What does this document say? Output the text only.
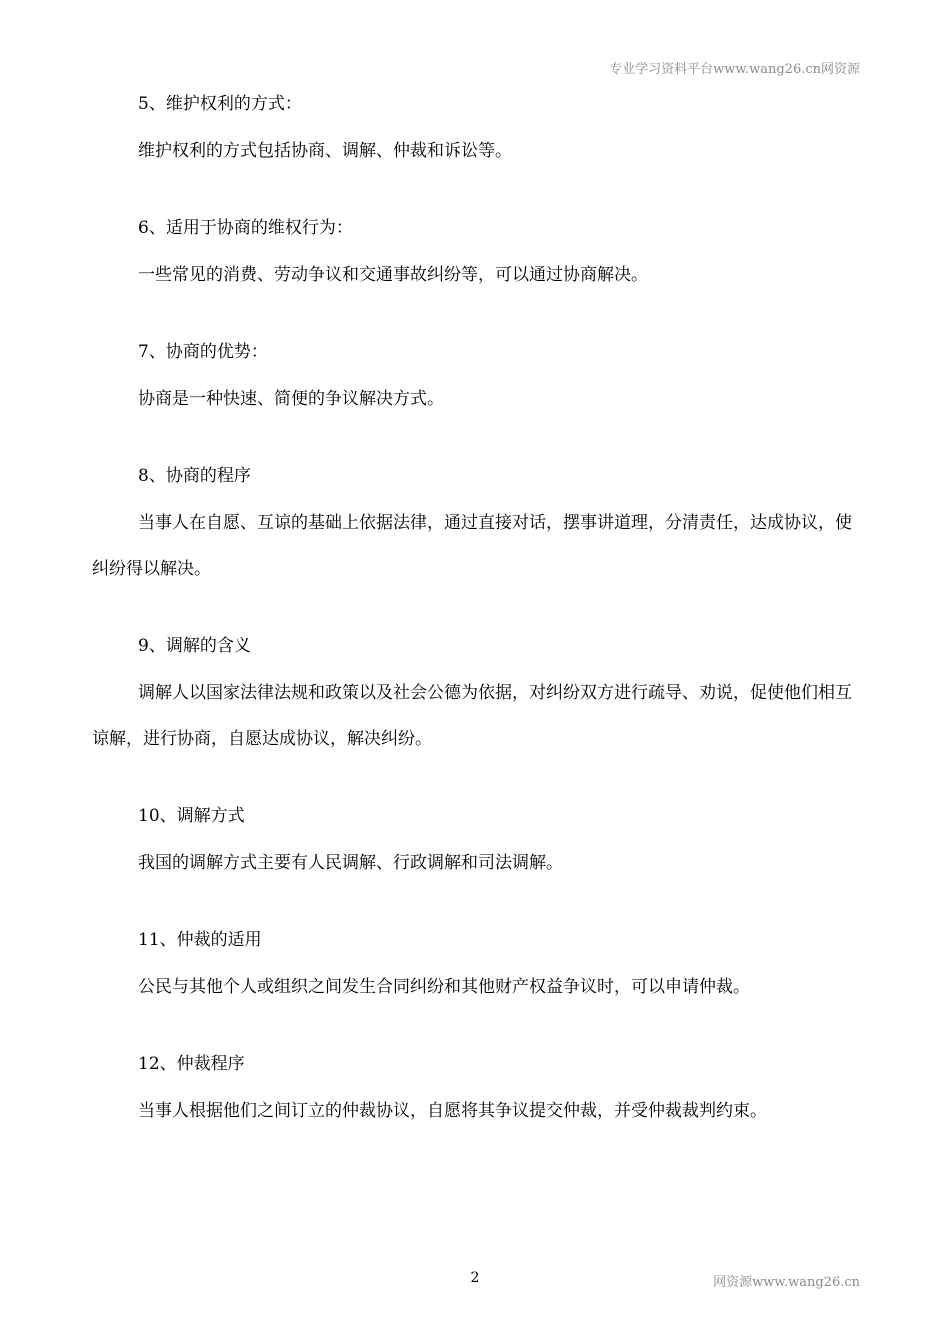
专业学习资料平台www.wang26.cn网资源

5、维护权利的方式：

维护权利的方式包括协商、调解、仲裁和诉讼等。

6、适用于协商的维权行为：

一些常见的消费、劳动争议和交通事故纠纷等，可以通过协商解决。

7、协商的优势：

协商是一种快速、简便的争议解决方式。

8、协商的程序

当事人在自愿、互谅的基础上依据法律，通过直接对话，摆事讲道理，分清责任，达成协议，使纠纷得以解决。

9、调解的含义

调解人以国家法律法规和政策以及社会公德为依据，对纠纷双方进行疏导、劝说，促使他们相互谅解，进行协商，自愿达成协议，解决纠纷。

10、调解方式

我国的调解方式主要有人民调解、行政调解和司法调解。

11、仲裁的适用

公民与其他个人或组织之间发生合同纠纷和其他财产权益争议时，可以申请仲裁。

12、仲裁程序

当事人根据他们之间订立的仲裁协议，自愿将其争议提交仲裁，并受仲裁裁判约束。

2	网资源www.wang26.cn
